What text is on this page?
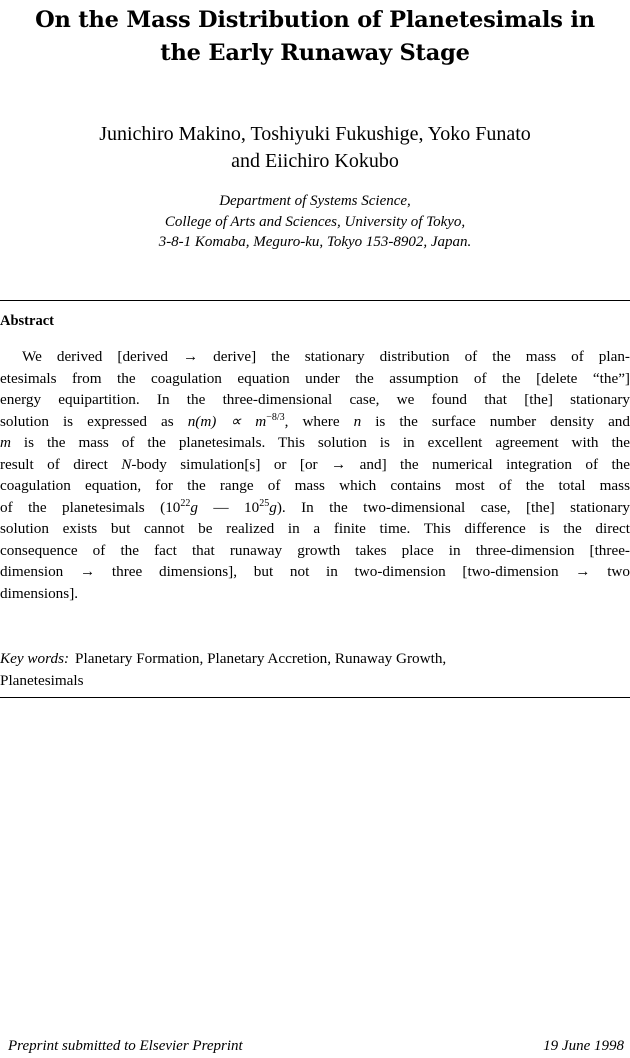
On the Mass Distribution of Planetesimals in
the Early Runaway Stage
Junichiro Makino, Toshiyuki Fukushige, Yoko Funato
and Eiichiro Kokubo
Department of Systems Science,
College of Arts and Sciences, University of Tokyo,
3-8-1 Komaba, Meguro-ku, Tokyo 153-8902, Japan.
Abstract
We derived [derived → derive] the stationary distribution of the mass of plan-
etesimals from the coagulation equation under the assumption of the [delete “the”]
energy equipartition. In the three-dimensional case, we found that [the] stationary
solution is expressed as $n(m) \propto m^{-8/3}$, where n is the surface number density and
m is the mass of the planetesimals. This solution is in excellent agreement with the
result of direct N-body simulation[s] or [or → and] the numerical integration of the
coagulation equation, for the range of mass which contains most of the total mass
of the planetesimals ($10^{22}g$ — $10^{25}g$). In the two-dimensional case, [the] stationary
solution exists but cannot be realized in a finite time. This difference is the direct
consequence of the fact that runaway growth takes place in three-dimension [three-
dimension → three dimensions], but not in two-dimension [two-dimension → two
dimensions].
Key words: Planetary Formation, Planetary Accretion, Runaway Growth,
Planetesimals
Preprint submitted to Elsevier Preprint	19 June 1998
